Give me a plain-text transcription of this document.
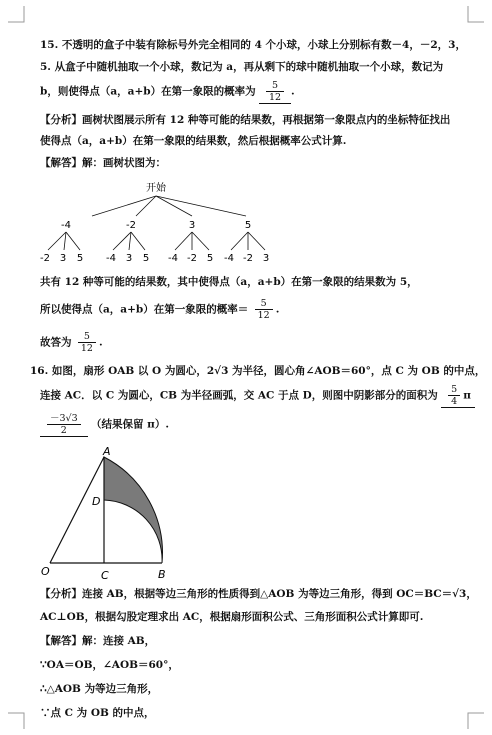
15. 不透明的盒子中装有除标号外完全相同的 4 个小球，小球上分别标有数－4，－2，3，
5. 从盒子中随机抽取一个小球，数记为 a，再从剩下的球中随机抽取一个小球，数记为
b，则使得点（a，a+b）在第一象限的概率为 $\frac{5}{12}$ .
【分析】画树状图展示所有 12 种等可能的结果数，再根据第一象限点内的坐标特征找出
使得点（a，a+b）在第一象限的结果数，然后根据概率公式计算.
【解答】解：画树状图为：
开始
-4	-2	3	5
-2 3 5 -4 3 5 -4 -2 5 -4 -2 3
共有 12 种等可能的结果数，其中使得点（a，a+b）在第一象限的结果数为 5，
所以使得点（a，a+b）在第一象限的概率＝ $\frac{5}{12}$ .
故答为 $\frac{5}{12}$ .
16. 如图，扇形 OAB 以 O 为圆心，2√3 为半径，圆心角∠AOB＝60°，点 C 为 OB 的中点，
连接 AC．以 C 为圆心，CB 为半径画弧，交 AC 于点 D，则图中阴影部分的面积为 $\frac{5}{4}$ π
$\frac{-3√3}{2}$ （结果保留 π）.
A
D
O	C	B
【分析】连接 AB，根据等边三角形的性质得到△AOB 为等边三角形，得到 OC＝BC＝√3，
AC⊥OB，根据勾股定理求出 AC，根据扇形面积公式、三角形面积公式计算即可.
【解答】解：连接 AB，
∵OA＝OB，∠AOB＝60°，
∴△AOB 为等边三角形，
∵点 C 为 OB 的中点，
